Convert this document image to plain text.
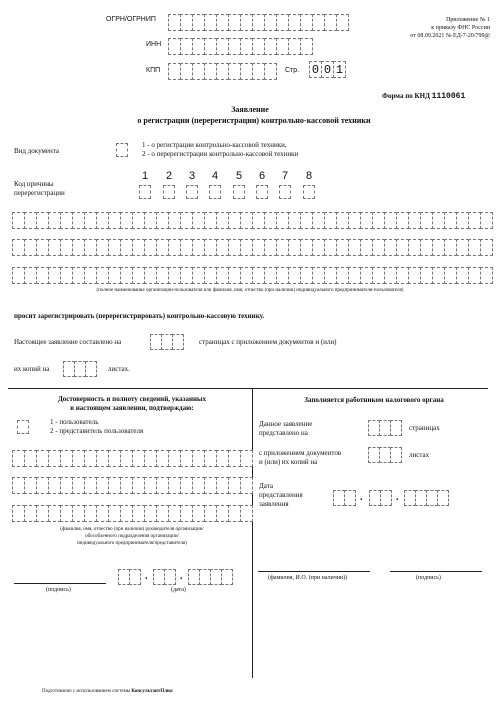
Приложение № 1
к приказу ФНС России
от 08.09.2021 № ЕД-7-20/799@
ОГРН/ОГРНИП
ИНН
КПП	Стр. 0 0 1
Форма по КНД 1110061
Заявление
о регистрации (перерегистрации) контрольно-кассовой техники
Вид документа
1 - о регистрации контрольно-кассовой техники,
2 - о перерегистрации контрольно-кассовой техники
Код причины
перерегистрации
1 2 3 4 5 6 7 8
(полное наименование организации-пользователя или фамилия, имя, отчество (при наличии) индивидуального предпринимателя-пользователя)
просит зарегистрировать (перерегистрировать) контрольно-кассовую технику.
Настоящее заявление составлено на	страницах с приложением документов и (или)
их копий на	листах.
Достоверность и полноту сведений, указанных
в настоящем заявлении, подтверждаю:
1 - пользователь
2 - представитель пользователя
(фамилия, имя, отчество (при наличии) руководителя организации/
обособленного подразделения организации/
индивидуального предпринимателя/представителя)
(подпись)
.	.
(дата)
Заполняется работником налогового органа
Данное заявление
представлено на
страницах
с приложением документов
и (или) их копий на
листах
Дата
представления
заявления
.	.
(фамилия, И.О. (при наличии))	(подпись)
Подготовлено с использованием системы КонсультантПлюс
